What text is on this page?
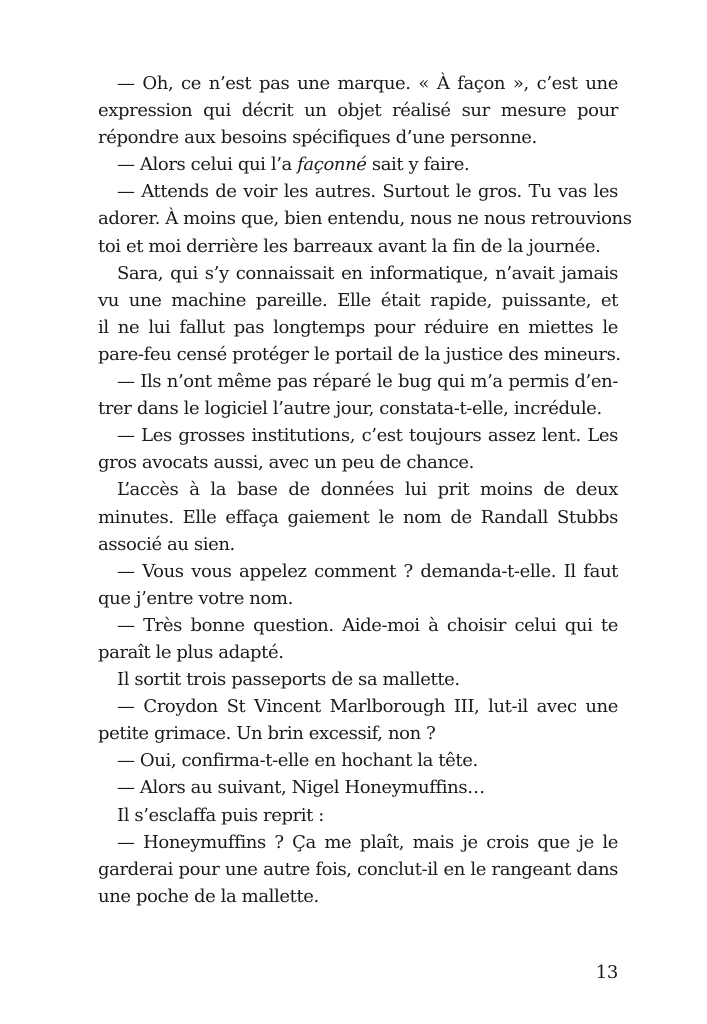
— Oh, ce n’est pas une marque. « À façon », c’est une
expression qui décrit un objet réalisé sur mesure pour
répondre aux besoins spécifiques d’une personne.
— Alors celui qui l’a façonné sait y faire.
— Attends de voir les autres. Surtout le gros. Tu vas les
adorer. À moins que, bien entendu, nous ne nous retrouvions
toi et moi derrière les barreaux avant la fin de la journée.
Sara, qui s’y connaissait en informatique, n’avait jamais
vu une machine pareille. Elle était rapide, puissante, et
il ne lui fallut pas longtemps pour réduire en miettes le
pare-feu censé protéger le portail de la justice des mineurs.
— Ils n’ont même pas réparé le bug qui m’a permis d’en-
trer dans le logiciel l’autre jour, constata-t-elle, incrédule.
— Les grosses institutions, c’est toujours assez lent. Les
gros avocats aussi, avec un peu de chance.
L’accès à la base de données lui prit moins de deux
minutes. Elle effaça gaiement le nom de Randall Stubbs
associé au sien.
— Vous vous appelez comment ? demanda-t-elle. Il faut
que j’entre votre nom.
— Très bonne question. Aide-moi à choisir celui qui te
paraît le plus adapté.
Il sortit trois passeports de sa mallette.
— Croydon St Vincent Marlborough III, lut-il avec une
petite grimace. Un brin excessif, non ?
— Oui, confirma-t-elle en hochant la tête.
— Alors au suivant, Nigel Honeymuffins…
Il s’esclaffa puis reprit :
— Honeymuffins ? Ça me plaît, mais je crois que je le
garderai pour une autre fois, conclut-il en le rangeant dans
une poche de la mallette.
13
